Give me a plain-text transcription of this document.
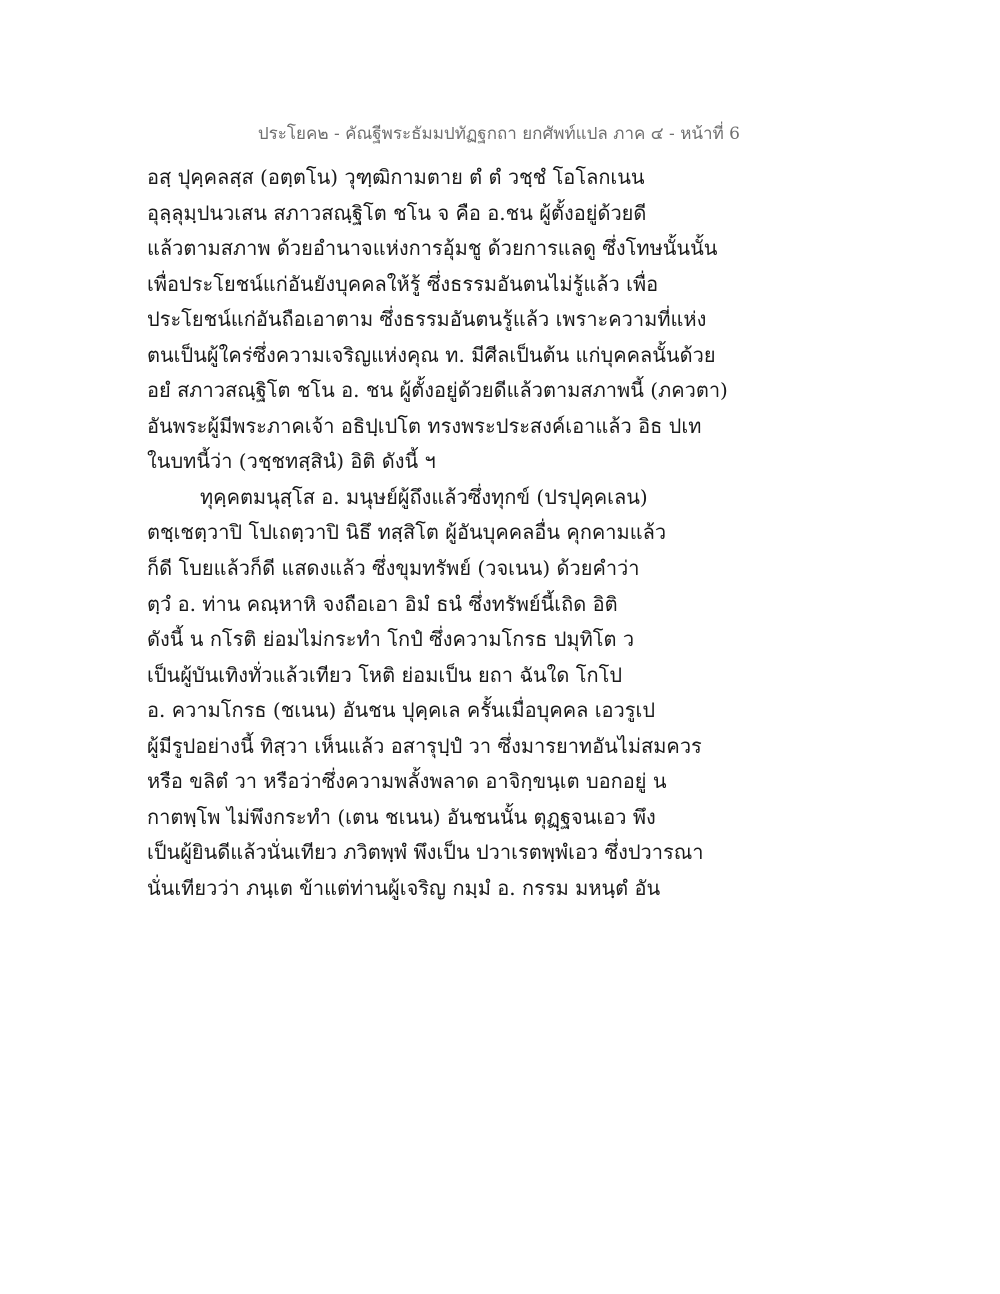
ประโยค๒ - คัณฐีพระธัมมปทัฏฐกถา ยกศัพท์แปล ภาค ๔ - หน้าที่ 6
อสฺ ปุคฺคลสฺส (อตฺตโน) วุฑฺฒิกามตาย ตํ ตํ วชฺชํ โอโลกเนน
อุลฺลุมฺปนวเสน สภาวสณฺฐิโต ชโน จ คือ อ.ชน ผู้ตั้งอยู่ด้วยดี
แล้วตามสภาพ ด้วยอำนาจแห่งการอุ้มชู ด้วยการแลดู ซึ่งโทษนั้นนั้น
เพื่อประโยชน์แก่อันยังบุคคลให้รู้ ซึ่งธรรมอันตนไม่รู้แล้ว เพื่อ
ประโยชน์แก่อันถือเอาตาม ซึ่งธรรมอันตนรู้แล้ว เพราะความที่แห่ง
ตนเป็นผู้ใคร่ซึ่งความเจริญแห่งคุณ ท. มีศีลเป็นต้น แก่บุคคลนั้นด้วย
อยํ สภาวสณฺฐิโต ชโน อ. ชน ผู้ตั้งอยู่ด้วยดีแล้วตามสภาพนี้ (ภควตา)
อันพระผู้มีพระภาคเจ้า อธิปฺเปโต ทรงพระประสงค์เอาแล้ว อิธ ปเท
ในบทนี้ว่า (วชฺชทสฺสินํ) อิติ ดังนี้ ฯ
ทุคฺคตมนุสฺโส อ. มนุษย์ผู้ถึงแล้วซึ่งทุกข์ (ปรปุคฺคเลน)
ตชฺเชตฺวาปิ โปเถตฺวาปิ นิธึ ทสฺสิโต ผู้อันบุคคลอื่น คุกคามแล้ว
ก็ดี โบยแล้วก็ดี แสดงแล้ว ซึ่งขุมทรัพย์ (วจเนน) ด้วยคำว่า
ตฺวํ อ. ท่าน คณฺหาหิ จงถือเอา อิมํ ธนํ ซึ่งทรัพย์นี้เถิด อิติ
ดังนี้ น กโรติ ย่อมไม่กระทำ โกปํ ซึ่งความโกรธ ปมุทิโต ว
เป็นผู้บันเทิงทั่วแล้วเทียว โหติ ย่อมเป็น ยถา ฉันใด โกโป
อ. ความโกรธ (ชเนน) อันชน ปุคฺคเล ครั้นเมื่อบุคคล เอวรูเป
ผู้มีรูปอย่างนี้ ทิสฺวา เห็นแล้ว อสารุปฺปํ วา ซึ่งมารยาทอันไม่สมควร
หรือ ขลิตํ วา หรือว่าซึ่งความพลั้งพลาด อาจิกฺขนฺเต บอกอยู่ น
กาตพฺโพ ไม่พึงกระทำ (เตน ชเนน) อันชนนั้น ตุฏฺฐจนเอว พึง
เป็นผู้ยินดีแล้วนั่นเทียว ภวิตพฺพํ พึงเป็น ปวาเรตพฺพํเอว ซึ่งปวารณา
นั่นเทียวว่า ภนฺเต ข้าแต่ท่านผู้เจริญ กมฺมํ อ. กรรม มหนฺตํ อัน
